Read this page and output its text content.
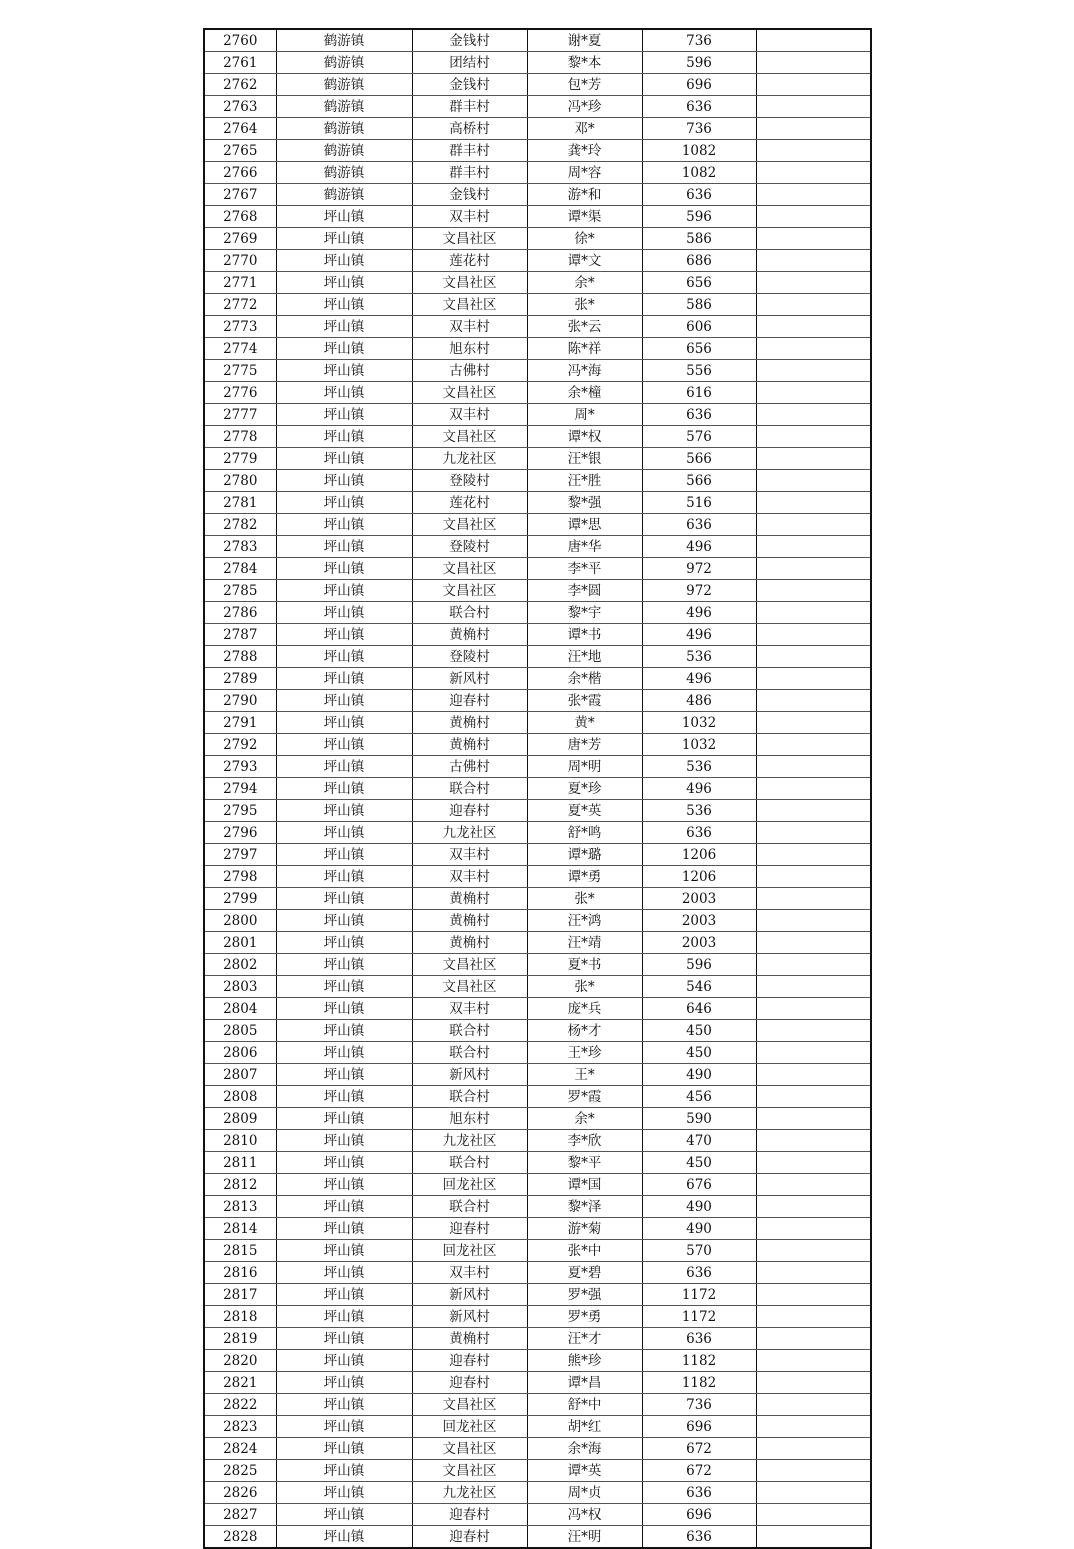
2760	鹤游镇	金钱村	谢*夏	736	
2761	鹤游镇	团结村	黎*本	596	
2762	鹤游镇	金钱村	包*芳	696	
2763	鹤游镇	群丰村	冯*珍	636	
2764	鹤游镇	高桥村	邓*	736	
2765	鹤游镇	群丰村	龚*玲	1082	
2766	鹤游镇	群丰村	周*容	1082	
2767	鹤游镇	金钱村	游*和	636	
2768	坪山镇	双丰村	谭*渠	596	
2769	坪山镇	文昌社区	徐*	586	
2770	坪山镇	莲花村	谭*文	686	
2771	坪山镇	文昌社区	余*	656	
2772	坪山镇	文昌社区	张*	586	
2773	坪山镇	双丰村	张*云	606	
2774	坪山镇	旭东村	陈*祥	656	
2775	坪山镇	古佛村	冯*海	556	
2776	坪山镇	文昌社区	余*橦	616	
2777	坪山镇	双丰村	周*	636	
2778	坪山镇	文昌社区	谭*权	576	
2779	坪山镇	九龙社区	汪*银	566	
2780	坪山镇	登陵村	汪*胜	566	
2781	坪山镇	莲花村	黎*强	516	
2782	坪山镇	文昌社区	谭*思	636	
2783	坪山镇	登陵村	唐*华	496	
2784	坪山镇	文昌社区	李*平	972	
2785	坪山镇	文昌社区	李*圆	972	
2786	坪山镇	联合村	黎*宇	496	
2787	坪山镇	黄桷村	谭*书	496	
2788	坪山镇	登陵村	汪*地	536	
2789	坪山镇	新风村	余*楷	496	
2790	坪山镇	迎春村	张*霞	486	
2791	坪山镇	黄桷村	黄*	1032	
2792	坪山镇	黄桷村	唐*芳	1032	
2793	坪山镇	古佛村	周*明	536	
2794	坪山镇	联合村	夏*珍	496	
2795	坪山镇	迎春村	夏*英	536	
2796	坪山镇	九龙社区	舒*鸣	636	
2797	坪山镇	双丰村	谭*璐	1206	
2798	坪山镇	双丰村	谭*勇	1206	
2799	坪山镇	黄桷村	张*	2003	
2800	坪山镇	黄桷村	汪*鸿	2003	
2801	坪山镇	黄桷村	汪*靖	2003	
2802	坪山镇	文昌社区	夏*书	596	
2803	坪山镇	文昌社区	张*	546	
2804	坪山镇	双丰村	庞*兵	646	
2805	坪山镇	联合村	杨*才	450	
2806	坪山镇	联合村	王*珍	450	
2807	坪山镇	新风村	王*	490	
2808	坪山镇	联合村	罗*霞	456	
2809	坪山镇	旭东村	余*	590	
2810	坪山镇	九龙社区	李*欣	470	
2811	坪山镇	联合村	黎*平	450	
2812	坪山镇	回龙社区	谭*国	676	
2813	坪山镇	联合村	黎*泽	490	
2814	坪山镇	迎春村	游*菊	490	
2815	坪山镇	回龙社区	张*中	570	
2816	坪山镇	双丰村	夏*碧	636	
2817	坪山镇	新风村	罗*强	1172	
2818	坪山镇	新风村	罗*勇	1172	
2819	坪山镇	黄桷村	汪*才	636	
2820	坪山镇	迎春村	熊*珍	1182	
2821	坪山镇	迎春村	谭*昌	1182	
2822	坪山镇	文昌社区	舒*中	736	
2823	坪山镇	回龙社区	胡*红	696	
2824	坪山镇	文昌社区	余*海	672	
2825	坪山镇	文昌社区	谭*英	672	
2826	坪山镇	九龙社区	周*贞	636	
2827	坪山镇	迎春村	冯*权	696	
2828	坪山镇	迎春村	汪*明	636	
